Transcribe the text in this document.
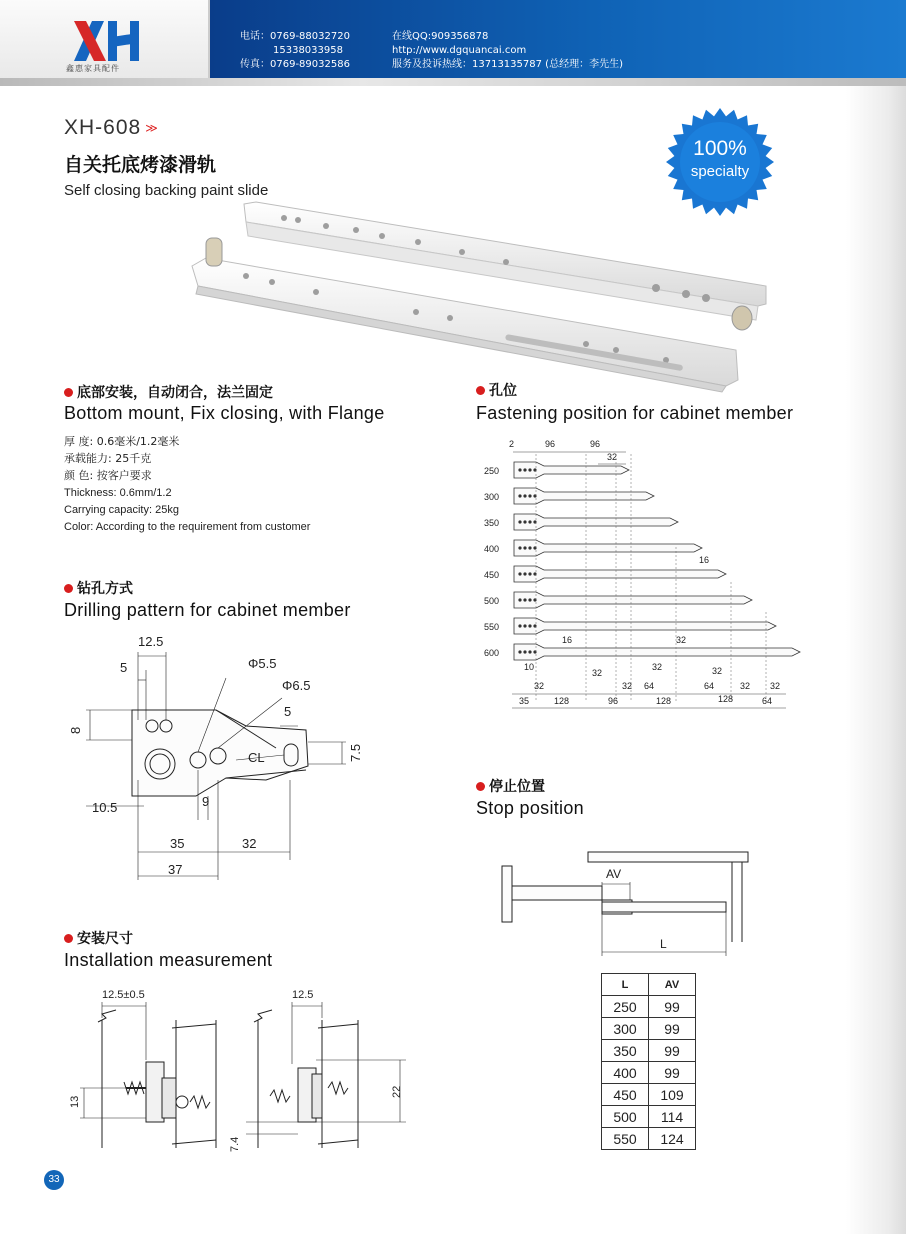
鑫惠家具配件
电话：0769-88032720
15338033958
传真：0769-89032586
在线QQ:909356878
http://www.dgquancai.com
服务及投诉热线：13713135787 (总经理：李先生)
XH-608 ≫
自关托底烤漆滑轨
Self closing backing paint slide
100%
specialty
底部安装，自动闭合，法兰固定
Bottom mount, Fix closing, with Flange
厚 度: 0.6毫米/1.2毫米
承载能力: 25千克
颜 色: 按客户要求
Thickness: 0.6mm/1.2
Carrying capacity: 25kg
Color: According to the requirement from customer
孔位
Fastening position for cabinet member
2	96	96
32
16
16	32
10
32
32	32
32	32 64	64	32 32
35	128	96	128	128	64
250
300
350
400
450
500
550
600
钻孔方式
Drilling pattern for cabinet member
12.5
5	Φ5.5
Φ6.5
5
CL
10.5	9
35	32
37
8
7.5
停止位置
Stop position
AV
L
L	AV
250	99
300	99
350	99
400	99
450	109
500	114
550	124
安装尺寸
Installation measurement
12.5±0.5	12.5
13
22
7.4
33
